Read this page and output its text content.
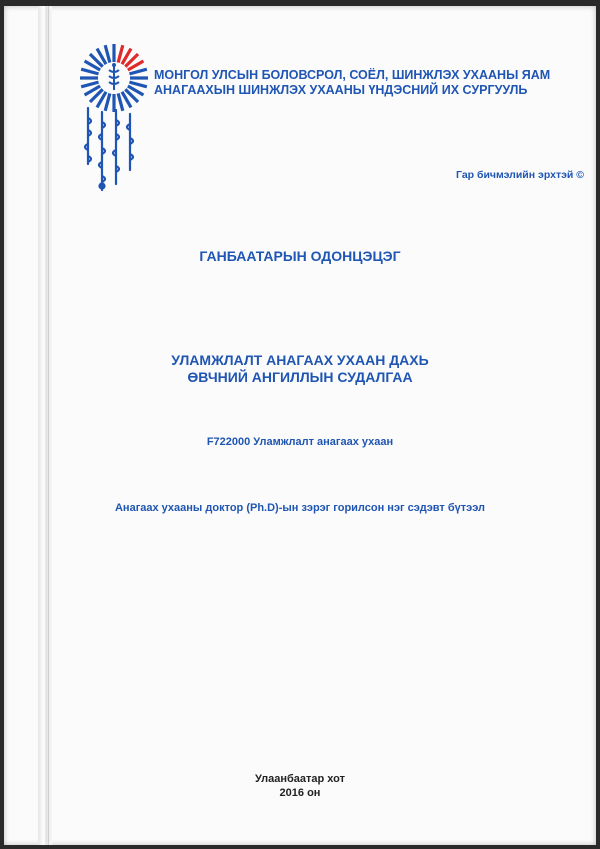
МОНГОЛ УЛСЫН БОЛОВСРОЛ, СОЁЛ, ШИНЖЛЭХ УХААНЫ ЯАМ
АНАГААХЫН ШИНЖЛЭХ УХААНЫ ҮНДЭСНИЙ ИХ СУРГУУЛЬ
Гар бичмэлийн эрхтэй ©
ГАНБААТАРЫН ОДОНЦЭЦЭГ
УЛАМЖЛАЛТ АНАГААХ УХААН ДАХЬ
ӨВЧНИЙ АНГИЛЛЫН СУДАЛГАА
F722000 Уламжлалт анагаах ухаан
Анагаах ухааны доктор (Ph.D)-ын зэрэг горилсон нэг сэдэвт бүтээл
Улаанбаатар хот
2016 он
